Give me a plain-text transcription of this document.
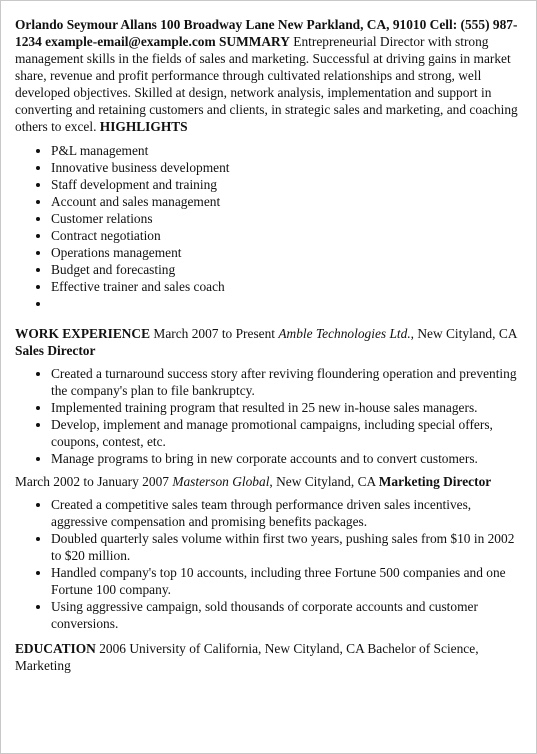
Orlando Seymour Allans 100 Broadway Lane New Parkland, CA, 91010 Cell: (555) 987-1234 example-email@example.com SUMMARY Entrepreneurial Director with strong management skills in the fields of sales and marketing. Successful at driving gains in market share, revenue and profit performance through cultivated relationships and strong, well developed objectives. Skilled at design, network analysis, implementation and support in converting and retaining customers and clients, in strategic sales and marketing, and coaching others to excel. HIGHLIGHTS

• P&L management
• Innovative business development
• Staff development and training
• Account and sales management
• Customer relations
• Contract negotiation
• Operations management
• Budget and forecasting
• Effective trainer and sales coach
•

WORK EXPERIENCE March 2007 to Present Amble Technologies Ltd., New Cityland, CA Sales Director

• Created a turnaround success story after reviving floundering operation and preventing the company's plan to file bankruptcy.
• Implemented training program that resulted in 25 new in-house sales managers.
• Develop, implement and manage promotional campaigns, including special offers, coupons, contest, etc.
• Manage programs to bring in new corporate accounts and to convert customers.

March 2002 to January 2007 Masterson Global, New Cityland, CA Marketing Director

• Created a competitive sales team through performance driven sales incentives, aggressive compensation and promising benefits packages.
• Doubled quarterly sales volume within first two years, pushing sales from $10 in 2002 to $20 million.
• Handled company's top 10 accounts, including three Fortune 500 companies and one Fortune 100 company.
• Using aggressive campaign, sold thousands of corporate accounts and customer conversions.

EDUCATION 2006 University of California, New Cityland, CA Bachelor of Science, Marketing
